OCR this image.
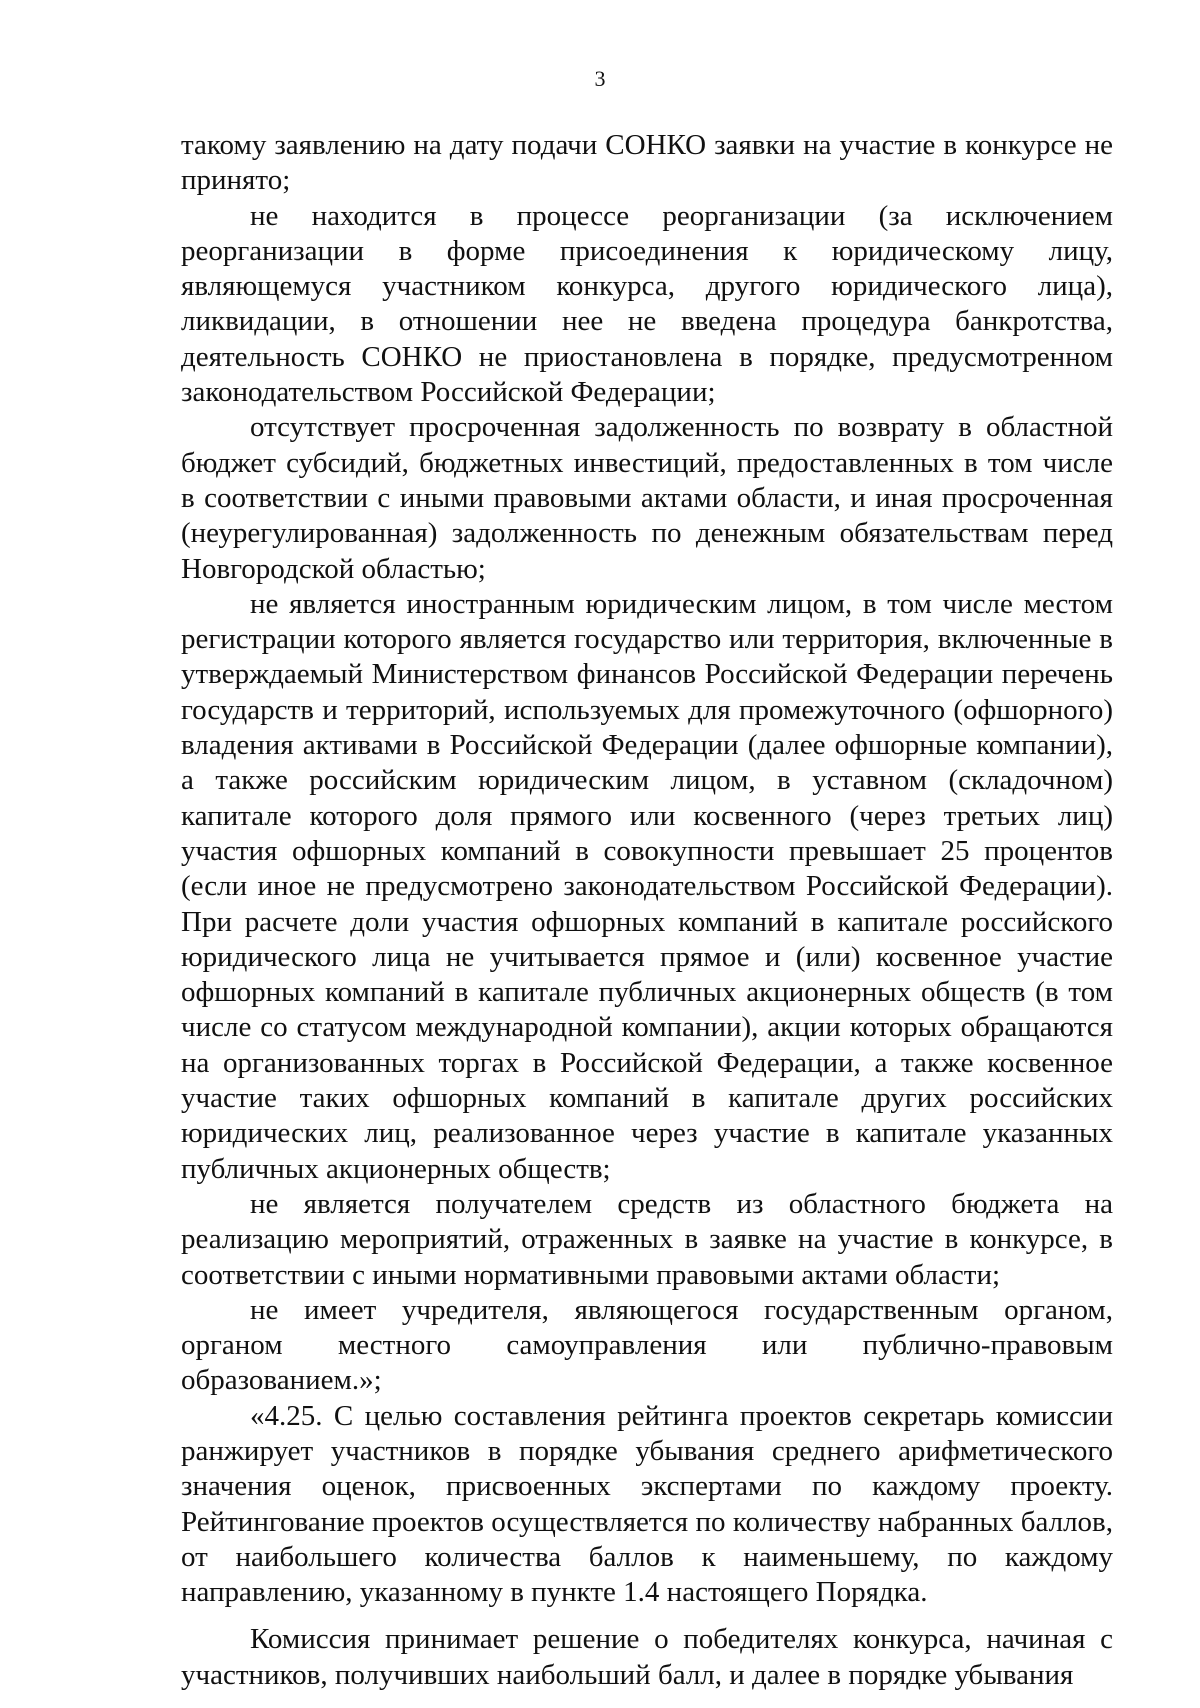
3

такому заявлению на дату подачи СОНКО заявки на участие в конкурсе не принято;

не находится в процессе реорганизации (за исключением реорганизации в форме присоединения к юридическому лицу, являющемуся участником конкурса, другого юридического лица), ликвидации, в отношении нее не введена процедура банкротства, деятельность СОНКО не приостановлена в порядке, предусмотренном законодательством Российской Федерации;

отсутствует просроченная задолженность по возврату в областной бюджет субсидий, бюджетных инвестиций, предоставленных в том числе в соответствии с иными правовыми актами области, и иная просроченная (неурегулированная) задолженность по денежным обязательствам перед Новгородской областью;

не является иностранным юридическим лицом, в том числе местом регистрации которого является государство или территория, включенные в утверждаемый Министерством финансов Российской Федерации перечень государств и территорий, используемых для промежуточного (офшорного) владения активами в Российской Федерации (далее офшорные компании), а также российским юридическим лицом, в уставном (складочном) капитале которого доля прямого или косвенного (через третьих лиц) участия офшорных компаний в совокупности превышает 25 процентов (если иное не предусмотрено законодательством Российской Федерации). При расчете доли участия офшорных компаний в капитале российского юридического лица не учитывается прямое и (или) косвенное участие офшорных компаний в капитале публичных акционерных обществ (в том числе со статусом международной компании), акции которых обращаются на организованных торгах в Российской Федерации, а также косвенное участие таких офшорных компаний в капитале других российских юридических лиц, реализованное через участие в капитале указанных публичных акционерных обществ;

не является получателем средств из областного бюджета на реализацию мероприятий, отраженных в заявке на участие в конкурсе, в соответствии с иными нормативными правовыми актами области;

не имеет учредителя, являющегося государственным органом, органом местного самоуправления или публично-правовым образованием.»;

«4.25. С целью составления рейтинга проектов секретарь комиссии ранжирует участников в порядке убывания среднего арифметического значения оценок, присвоенных экспертами по каждому проекту. Рейтингование проектов осуществляется по количеству набранных баллов, от наибольшего количества баллов к наименьшему, по каждому направлению, указанному в пункте 1.4 настоящего Порядка.

Комиссия принимает решение о победителях конкурса, начиная с участников, получивших наибольший балл, и далее в порядке убывания
